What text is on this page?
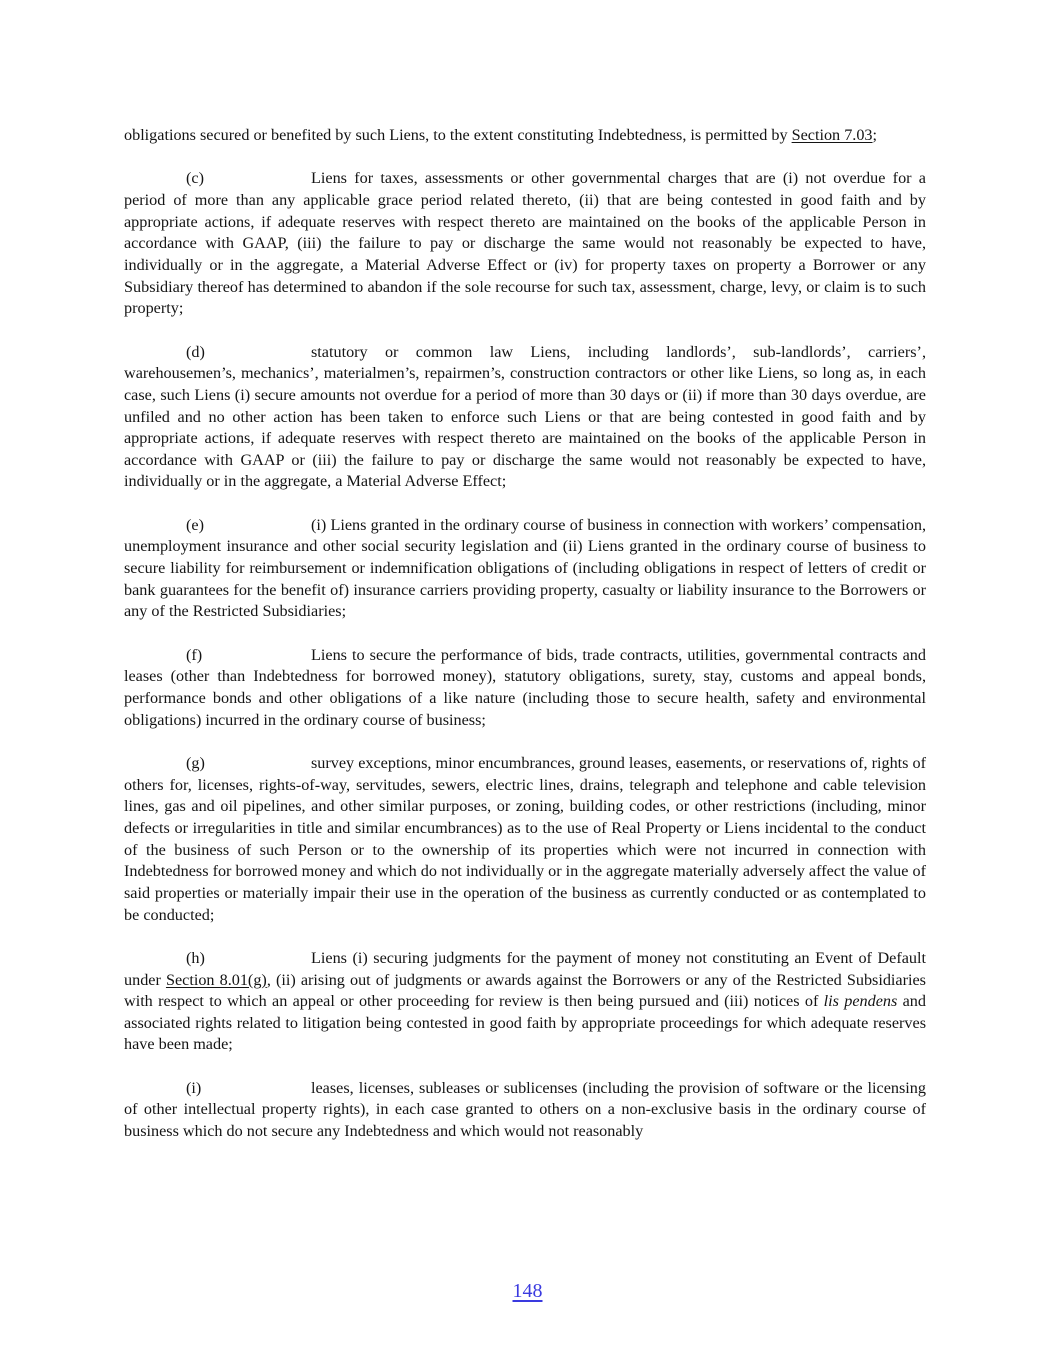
obligations secured or benefited by such Liens, to the extent constituting Indebtedness, is permitted by Section 7.03;

(c)	Liens for taxes, assessments or other governmental charges that are (i) not overdue for a period of more than any applicable grace period related thereto, (ii) that are being contested in good faith and by appropriate actions, if adequate reserves with respect thereto are maintained on the books of the applicable Person in accordance with GAAP, (iii) the failure to pay or discharge the same would not reasonably be expected to have, individually or in the aggregate, a Material Adverse Effect or (iv) for property taxes on property a Borrower or any Subsidiary thereof has determined to abandon if the sole recourse for such tax, assessment, charge, levy, or claim is to such property;

(d)	statutory or common law Liens, including landlords’, sub-landlords’, carriers’, warehousemen’s, mechanics’, materialmen’s, repairmen’s, construction contractors or other like Liens, so long as, in each case, such Liens (i) secure amounts not overdue for a period of more than 30 days or (ii) if more than 30 days overdue, are unfiled and no other action has been taken to enforce such Liens or that are being contested in good faith and by appropriate actions, if adequate reserves with respect thereto are maintained on the books of the applicable Person in accordance with GAAP or (iii) the failure to pay or discharge the same would not reasonably be expected to have, individually or in the aggregate, a Material Adverse Effect;

(e)	(i) Liens granted in the ordinary course of business in connection with workers’ compensation, unemployment insurance and other social security legislation and (ii) Liens granted in the ordinary course of business to secure liability for reimbursement or indemnification obligations of (including obligations in respect of letters of credit or bank guarantees for the benefit of) insurance carriers providing property, casualty or liability insurance to the Borrowers or any of the Restricted Subsidiaries;

(f)	Liens to secure the performance of bids, trade contracts, utilities, governmental contracts and leases (other than Indebtedness for borrowed money), statutory obligations, surety, stay, customs and appeal bonds, performance bonds and other obligations of a like nature (including those to secure health, safety and environmental obligations) incurred in the ordinary course of business;

(g)	survey exceptions, minor encumbrances, ground leases, easements, or reservations of, rights of others for, licenses, rights-of-way, servitudes, sewers, electric lines, drains, telegraph and telephone and cable television lines, gas and oil pipelines, and other similar purposes, or zoning, building codes, or other restrictions (including, minor defects or irregularities in title and similar encumbrances) as to the use of Real Property or Liens incidental to the conduct of the business of such Person or to the ownership of its properties which were not incurred in connection with Indebtedness for borrowed money and which do not individually or in the aggregate materially adversely affect the value of said properties or materially impair their use in the operation of the business as currently conducted or as contemplated to be conducted;

(h)	Liens (i) securing judgments for the payment of money not constituting an Event of Default under Section 8.01(g), (ii) arising out of judgments or awards against the Borrowers or any of the Restricted Subsidiaries with respect to which an appeal or other proceeding for review is then being pursued and (iii) notices of lis pendens and associated rights related to litigation being contested in good faith by appropriate proceedings for which adequate reserves have been made;

(i)	leases, licenses, subleases or sublicenses (including the provision of software or the licensing of other intellectual property rights), in each case granted to others on a non-exclusive basis in the ordinary course of business which do not secure any Indebtedness and which would not reasonably

148
